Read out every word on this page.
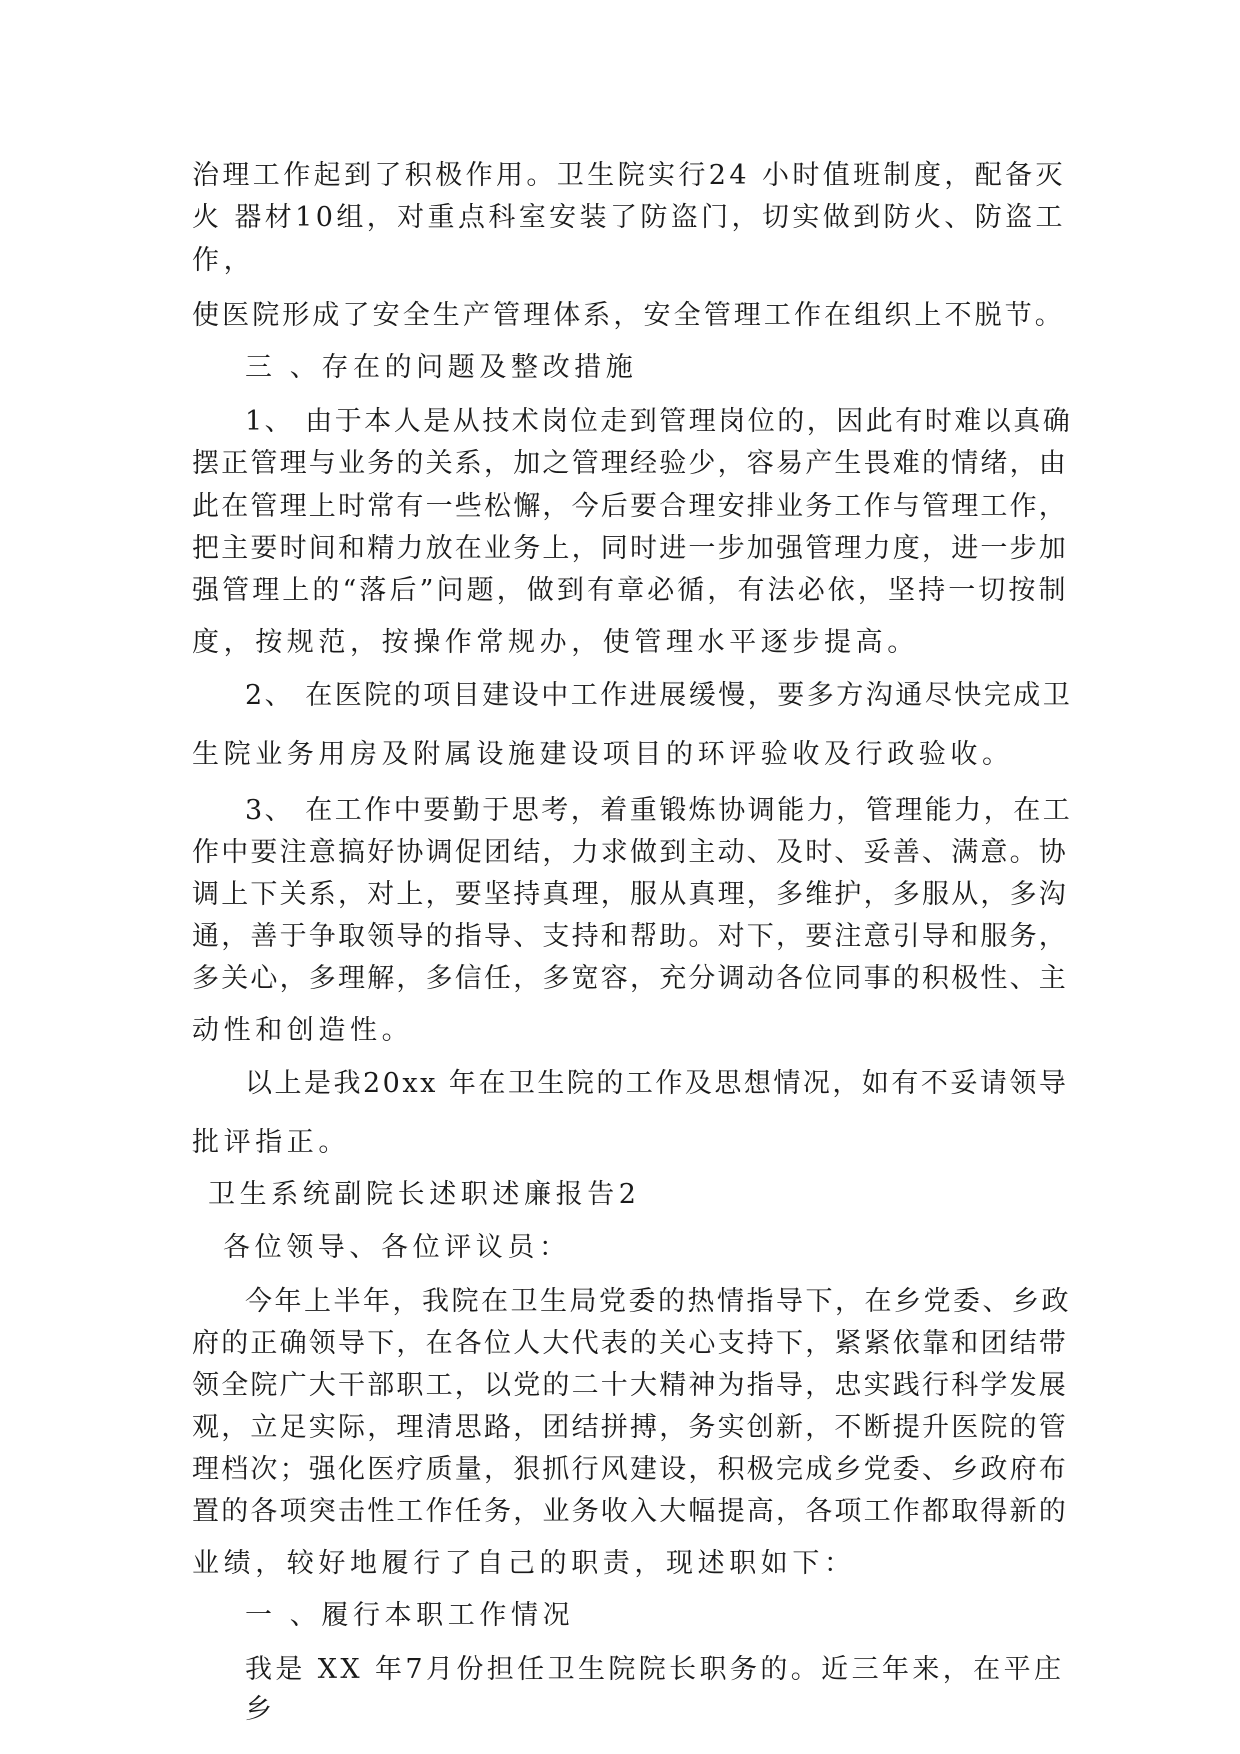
治理工作起到了积极作用。卫生院实行24 小时值班制度，配备灭
火 器材10组，对重点科室安装了防盗门，切实做到防火、防盗工
作，
使医院形成了安全生产管理体系，安全管理工作在组织上不脱节。
三 、存在的问题及整改措施
1、 由于本人是从技术岗位走到管理岗位的，因此有时难以真确
摆正管理与业务的关系，加之管理经验少，容易产生畏难的情绪，由
此在管理上时常有一些松懈，今后要合理安排业务工作与管理工作，
把主要时间和精力放在业务上，同时进一步加强管理力度，进一步加
强管理上的“落后”问题，做到有章必循，有法必依，坚持一切按制
度，按规范，按操作常规办，使管理水平逐步提高。
2、 在医院的项目建设中工作进展缓慢，要多方沟通尽快完成卫
生院业务用房及附属设施建设项目的环评验收及行政验收。
3、 在工作中要勤于思考，着重锻炼协调能力，管理能力，在工
作中要注意搞好协调促团结，力求做到主动、及时、妥善、满意。协
调上下关系，对上，要坚持真理，服从真理，多维护，多服从，多沟
通，善于争取领导的指导、支持和帮助。对下，要注意引导和服务，
多关心，多理解，多信任，多宽容，充分调动各位同事的积极性、主
动性和创造性。
以上是我20xx 年在卫生院的工作及思想情况，如有不妥请领导
批评指正。
卫生系统副院长述职述廉报告2
各位领导、各位评议员：
今年上半年，我院在卫生局党委的热情指导下，在乡党委、乡政
府的正确领导下，在各位人大代表的关心支持下，紧紧依靠和团结带
领全院广大干部职工，以党的二十大精神为指导，忠实践行科学发展
观，立足实际，理清思路，团结拼搏，务实创新，不断提升医院的管
理档次；强化医疗质量，狠抓行风建设，积极完成乡党委、乡政府布
置的各项突击性工作任务，业务收入大幅提高，各项工作都取得新的
业绩，较好地履行了自己的职责，现述职如下：
一 、履行本职工作情况
我是 XX 年7月份担任卫生院院长职务的。近三年来，在平庄
乡
